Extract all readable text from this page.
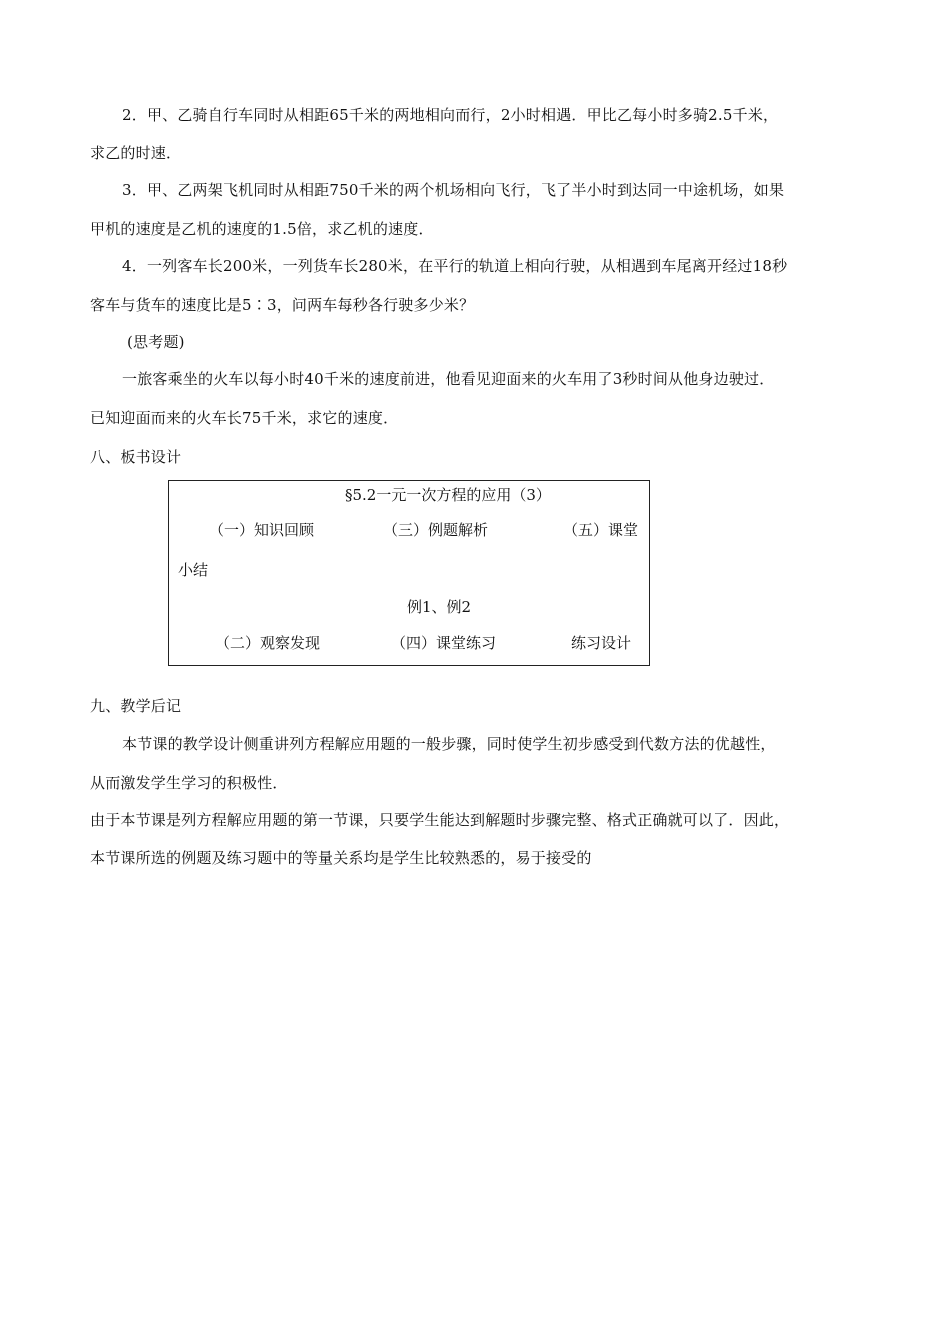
2．甲、乙骑自行车同时从相距65千米的两地相向而行，2小时相遇．甲比乙每小时多骑2.5千米，
求乙的时速．
3．甲、乙两架飞机同时从相距750千米的两个机场相向飞行，飞了半小时到达同一中途机场，如果
甲机的速度是乙机的速度的1.5倍，求乙机的速度．
4．一列客车长200米，一列货车长280米，在平行的轨道上相向行驶，从相遇到车尾离开经过18秒
客车与货车的速度比是5∶3，问两车每秒各行驶多少米？
(思考题)
一旅客乘坐的火车以每小时40千米的速度前进，他看见迎面来的火车用了3秒时间从他身边驶过．
已知迎面而来的火车长75千米，求它的速度．
八、板书设计
§5.2一元一次方程的应用（3）
（一）知识回顾	（三）例题解析	（五）课堂
小结
例1、例2
（二）观察发现	（四）课堂练习	练习设计
九、教学后记
本节课的教学设计侧重讲列方程解应用题的一般步骤，同时使学生初步感受到代数方法的优越性，
从而激发学生学习的积极性．
由于本节课是列方程解应用题的第一节课，只要学生能达到解题时步骤完整、格式正确就可以了．因此，
本节课所选的例题及练习题中的等量关系均是学生比较熟悉的，易于接受的
